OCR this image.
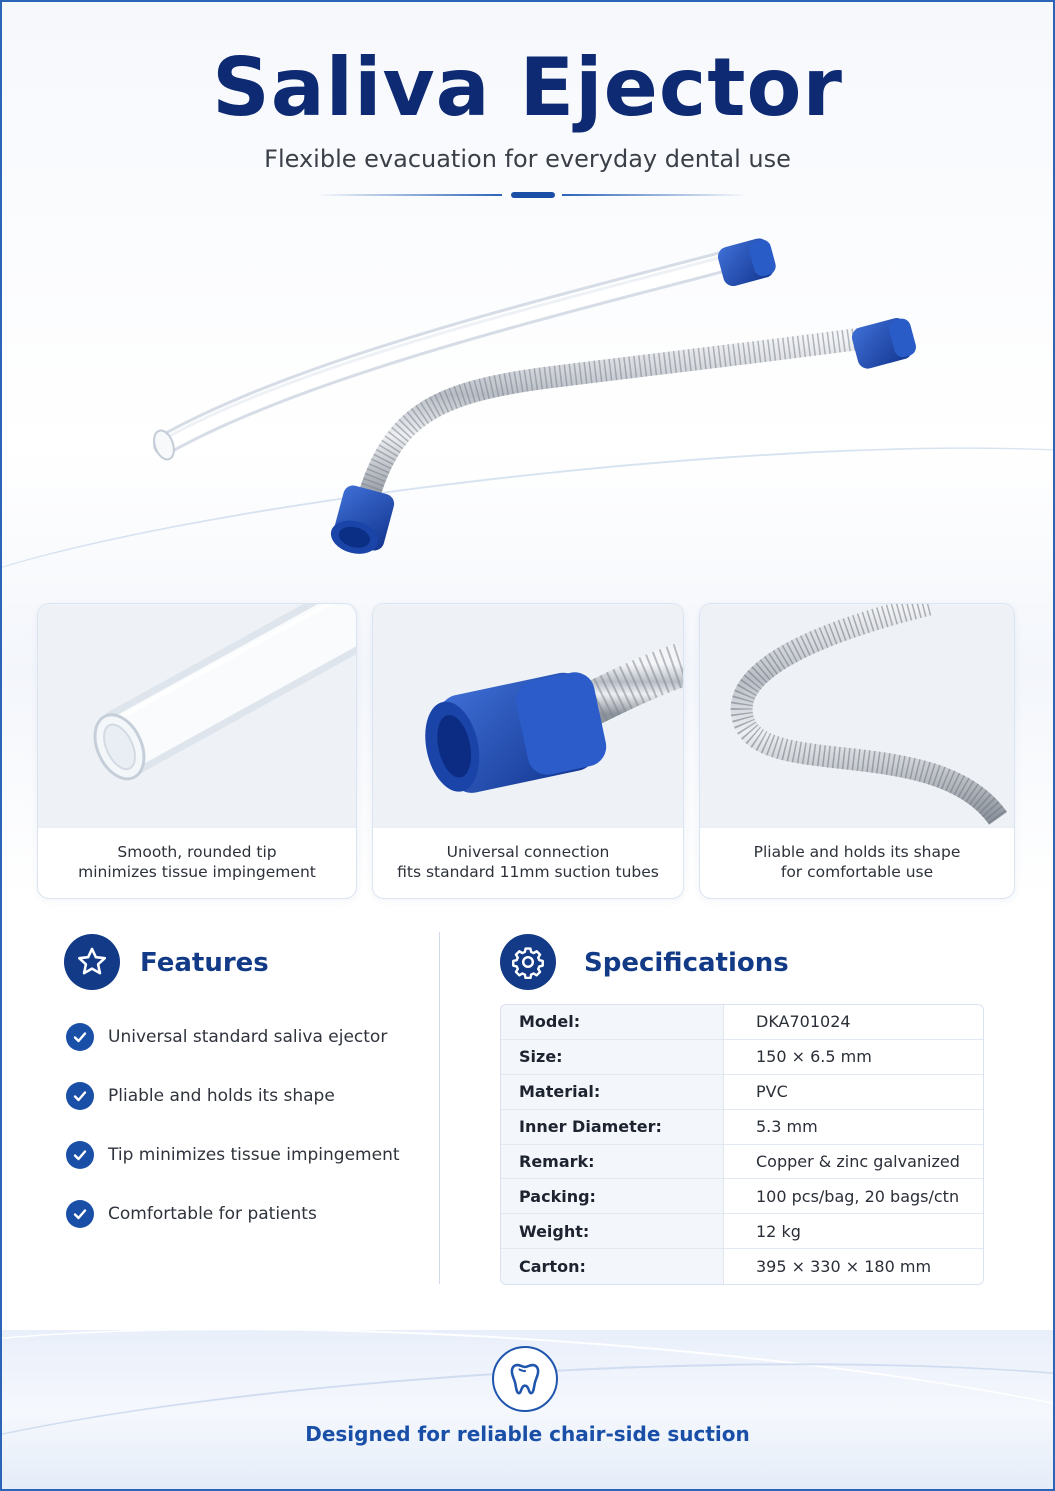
Saliva Ejector
Flexible evacuation for everyday dental use
Smooth, rounded tip
minimizes tissue impingement
Universal connection
fits standard 11mm suction tubes
Pliable and holds its shape
for comfortable use
Features
Universal standard saliva ejector
Pliable and holds its shape
Tip minimizes tissue impingement
Comfortable for patients
Specifications
Model:	DKA701024
Size:	150 × 6.5 mm
Material:	PVC
Inner Diameter:	5.3 mm
Remark:	Copper & zinc galvanized
Packing:	100 pcs/bag, 20 bags/ctn
Weight:	12 kg
Carton:	395 × 330 × 180 mm
Designed for reliable chair-side suction
